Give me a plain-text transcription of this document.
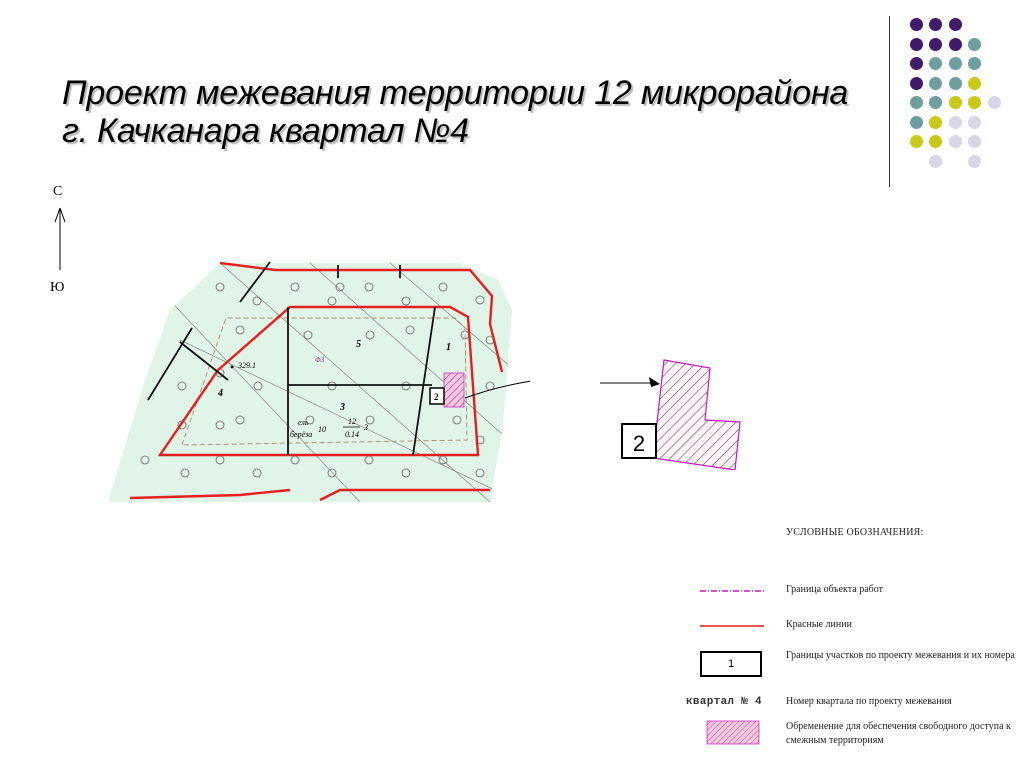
Проект межевания территории 12 микрорайона
г. Качканара квартал №4
С
Ю
5	1
2
3
4
329.1
ель
берёза
10
12
0.14
3
ФЗ
2
УСЛОВНЫЕ ОБОЗНАЧЕНИЯ:
Граница объекта работ
Красные линии
1
Границы участков по проекту межевания и их номера
квартал № 4 Номер квартала по проекту межевания
Обременение для обеспечения свободного доступа к смежным территориям
